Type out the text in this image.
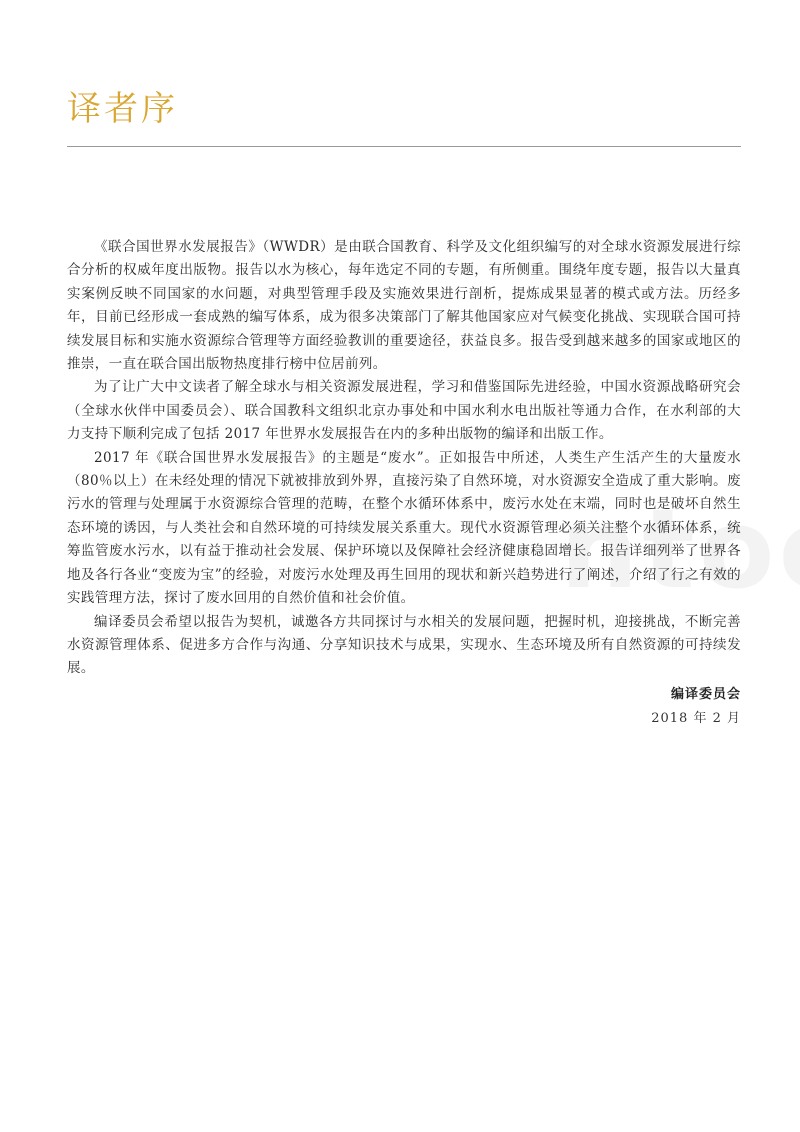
译者序

《联合国世界水发展报告》（WWDR）是由联合国教育、科学及文化组织编写的对全球水资源发展进行综合分析的权威年度出版物。报告以水为核心，每年选定不同的专题，有所侧重。围绕年度专题，报告以大量真实案例反映不同国家的水问题，对典型管理手段及实施效果进行剖析，提炼成果显著的模式或方法。历经多年，目前已经形成一套成熟的编写体系，成为很多决策部门了解其他国家应对气候变化挑战、实现联合国可持续发展目标和实施水资源综合管理等方面经验教训的重要途径，获益良多。报告受到越来越多的国家或地区的推崇，一直在联合国出版物热度排行榜中位居前列。

为了让广大中文读者了解全球水与相关资源发展进程，学习和借鉴国际先进经验，中国水资源战略研究会（全球水伙伴中国委员会）、联合国教科文组织北京办事处和中国水利水电出版社等通力合作，在水利部的大力支持下顺利完成了包括 2017 年世界水发展报告在内的多种出版物的编译和出版工作。

2017 年《联合国世界水发展报告》的主题是“废水”。正如报告中所述，人类生产生活产生的大量废水（80％以上）在未经处理的情况下就被排放到外界，直接污染了自然环境，对水资源安全造成了重大影响。废污水的管理与处理属于水资源综合管理的范畴，在整个水循环体系中，废污水处在末端，同时也是破坏自然生态环境的诱因，与人类社会和自然环境的可持续发展关系重大。现代水资源管理必须关注整个水循环体系，统筹监管废水污水，以有益于推动社会发展、保护环境以及保障社会经济健康稳固增长。报告详细列举了世界各地及各行各业“变废为宝”的经验，对废污水处理及再生回用的现状和新兴趋势进行了阐述，介绍了行之有效的实践管理方法，探讨了废水回用的自然价值和社会价值。

编译委员会希望以报告为契机，诚邀各方共同探讨与水相关的发展问题，把握时机，迎接挑战，不断完善水资源管理体系、促进多方合作与沟通、分享知识技术与成果，实现水、生态环境及所有自然资源的可持续发展。

编译委员会
2018 年 2 月
